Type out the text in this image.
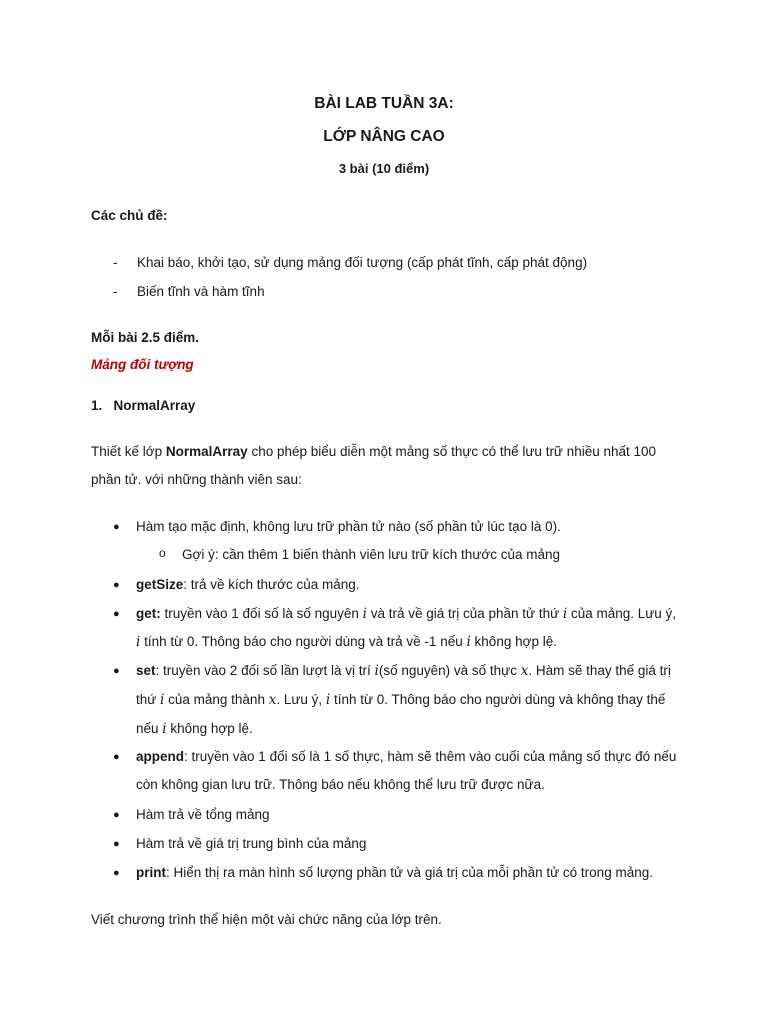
BÀI LAB TUẦN 3A:
LỚP NÂNG CAO
3 bài (10 điểm)
Các chủ đề:
- Khai báo, khởi tạo, sử dụng mảng đối tượng (cấp phát tĩnh, cấp phát động)
- Biến tĩnh và hàm tĩnh
Mỗi bài 2.5 điểm.
Mảng đối tượng
1. NormalArray
Thiết kế lớp NormalArray cho phép biểu diễn một mảng số thực có thể lưu trữ nhiều nhất 100
phần tử. với những thành viên sau:
● Hàm tạo mặc định, không lưu trữ phần tử nào (số phần tử lúc tạo là 0).
o Gợi ý: cần thêm 1 biến thành viên lưu trữ kích thước của mảng
● getSize: trả về kích thước của mảng.
● get: truyền vào 1 đối số là số nguyên i và trả về giá trị của phần tử thứ i của mảng. Lưu ý,
i tính từ 0. Thông báo cho người dùng và trả về -1 nếu i không hợp lệ.
● set: truyền vào 2 đối số lần lượt là vị trí i(số nguyên) và số thực x. Hàm sẽ thay thế giá trị
thứ i của mảng thành x. Lưu ý, i tính từ 0. Thông báo cho người dùng và không thay thế
nếu i không hợp lệ.
● append: truyền vào 1 đối số là 1 số thực, hàm sẽ thêm vào cuối của mảng số thực đó nếu
còn không gian lưu trữ. Thông báo nếu không thể lưu trữ được nữa.
● Hàm trả về tổng mảng
● Hàm trả về giá trị trung bình của mảng
● print: Hiển thị ra màn hình số lượng phần tử và giá trị của mỗi phần tử có trong mảng.
Viết chương trình thể hiện một vài chức năng của lớp trên.
